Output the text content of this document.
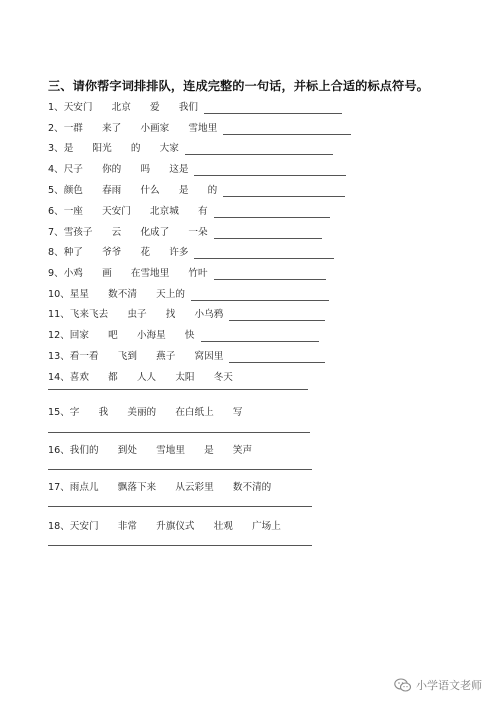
三、请你帮字词排排队，连成完整的一句话，并标上合适的标点符号。
1、天安门　　北京　　爱　　我们
2、一群　　来了　　小画家　　雪地里
3、是　　阳光　　的　　大家
4、尺子　　你的　　吗　　这是
5、颜色　　春雨　　什么　　是　　的
6、一座　　天安门　　北京城　　有
7、雪孩子　　云　　化成了　　一朵
8、种了　　爷爷　　花　　许多
9、小鸡　　画　　在雪地里　　竹叶
10、星星　　数不清　　天上的
11、飞来飞去　　虫子　　找　　小乌鸦
12、回家　　吧　　小海星　　快
13、看一看　　飞到　　燕子　　窝因里
14、喜欢　　都　　人人　　太阳　　冬天
15、字　　我　　美丽的　　在白纸上　　写
16、我们的　　到处　　雪地里　　是　　笑声
17、雨点儿　　飘落下来　　从云彩里　　数不清的
18、天安门　　非常　　升旗仪式　　壮观　　广场上
小学语文老师
